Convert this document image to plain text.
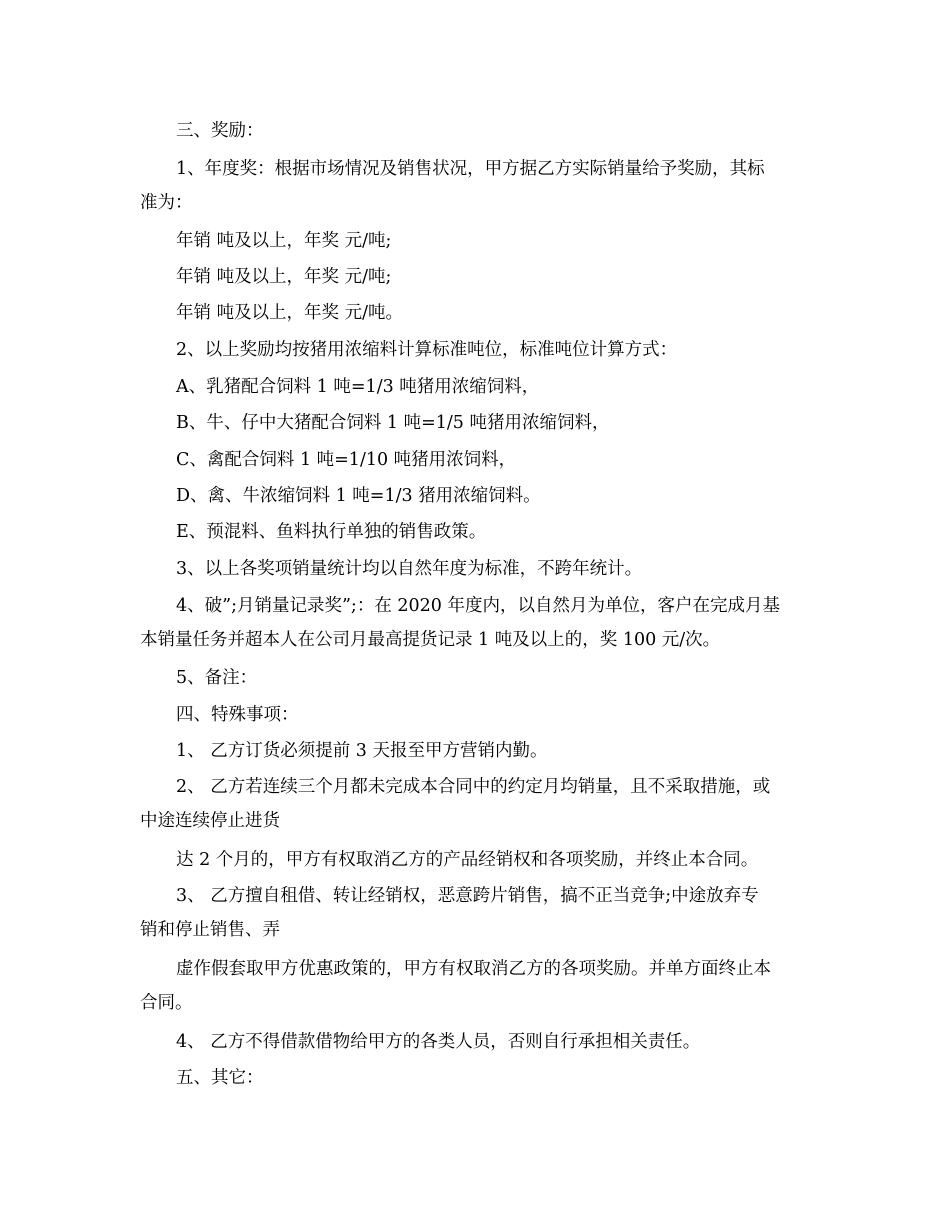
三、奖励：
1、年度奖：根据市场情况及销售状况，甲方据乙方实际销量给予奖励，其标
准为：
年销 吨及以上，年奖 元/吨;
年销 吨及以上，年奖 元/吨;
年销 吨及以上，年奖 元/吨。
2、以上奖励均按猪用浓缩料计算标准吨位，标准吨位计算方式：
A、乳猪配合饲料 1 吨=1/3 吨猪用浓缩饲料，
B、牛、仔中大猪配合饲料 1 吨=1/5 吨猪用浓缩饲料，
C、禽配合饲料 1 吨=1/10 吨猪用浓饲料，
D、禽、牛浓缩饲料 1 吨=1/3 猪用浓缩饲料。
E、预混料、鱼料执行单独的销售政策。
3、以上各奖项销量统计均以自然年度为标准，不跨年统计。
4、破”;月销量记录奖”;：在 2020 年度内，以自然月为单位，客户在完成月基
本销量任务并超本人在公司月最高提货记录 1 吨及以上的，奖 100 元/次。
5、备注：
四、特殊事项：
1、 乙方订货必须提前 3 天报至甲方营销内勤。
2、 乙方若连续三个月都未完成本合同中的约定月均销量，且不采取措施，或
中途连续停止进货
达 2 个月的，甲方有权取消乙方的产品经销权和各项奖励，并终止本合同。
3、 乙方擅自租借、转让经销权，恶意跨片销售，搞不正当竞争;中途放弃专
销和停止销售、弄
虚作假套取甲方优惠政策的，甲方有权取消乙方的各项奖励。并单方面终止本
合同。
4、 乙方不得借款借物给甲方的各类人员，否则自行承担相关责任。
五、其它：
